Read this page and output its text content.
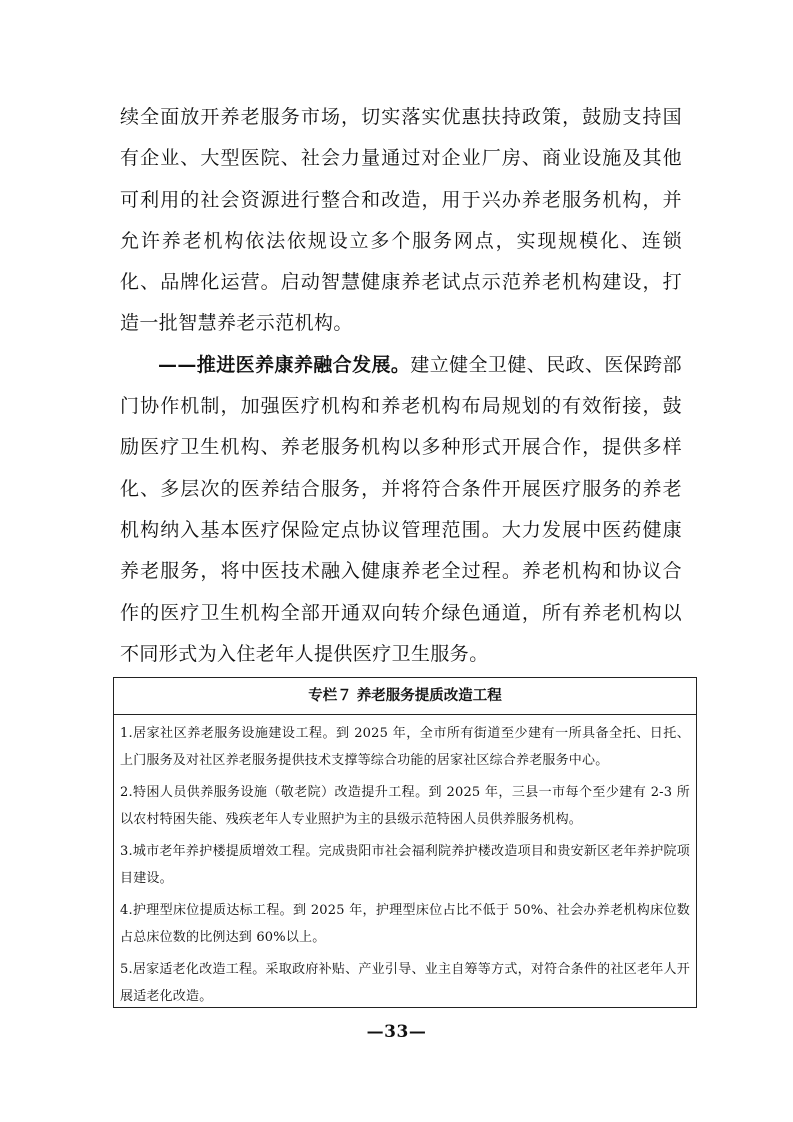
续全面放开养老服务市场，切实落实优惠扶持政策，鼓励支持国有企业、大型医院、社会力量通过对企业厂房、商业设施及其他可利用的社会资源进行整合和改造，用于兴办养老服务机构，并允许养老机构依法依规设立多个服务网点，实现规模化、连锁化、品牌化运营。启动智慧健康养老试点示范养老机构建设，打造一批智慧养老示范机构。

——推进医养康养融合发展。建立健全卫健、民政、医保跨部门协作机制，加强医疗机构和养老机构布局规划的有效衔接，鼓励医疗卫生机构、养老服务机构以多种形式开展合作，提供多样化、多层次的医养结合服务，并将符合条件开展医疗服务的养老机构纳入基本医疗保险定点协议管理范围。大力发展中医药健康养老服务，将中医技术融入健康养老全过程。养老机构和协议合作的医疗卫生机构全部开通双向转介绿色通道，所有养老机构以不同形式为入住老年人提供医疗卫生服务。

专栏７ 养老服务提质改造工程
1.居家社区养老服务设施建设工程。到 2025 年，全市所有街道至少建有一所具备全托、日托、上门服务及对社区养老服务提供技术支撑等综合功能的居家社区综合养老服务中心。
2.特困人员供养服务设施（敬老院）改造提升工程。到 2025 年，三县一市每个至少建有 2-3 所以农村特困失能、残疾老年人专业照护为主的县级示范特困人员供养服务机构。
3.城市老年养护楼提质增效工程。完成贵阳市社会福利院养护楼改造项目和贵安新区老年养护院项目建设。
4.护理型床位提质达标工程。到 2025 年，护理型床位占比不低于 50%、社会办养老机构床位数占总床位数的比例达到 60%以上。
5.居家适老化改造工程。采取政府补贴、产业引导、业主自筹等方式，对符合条件的社区老年人开展适老化改造。
—33—
